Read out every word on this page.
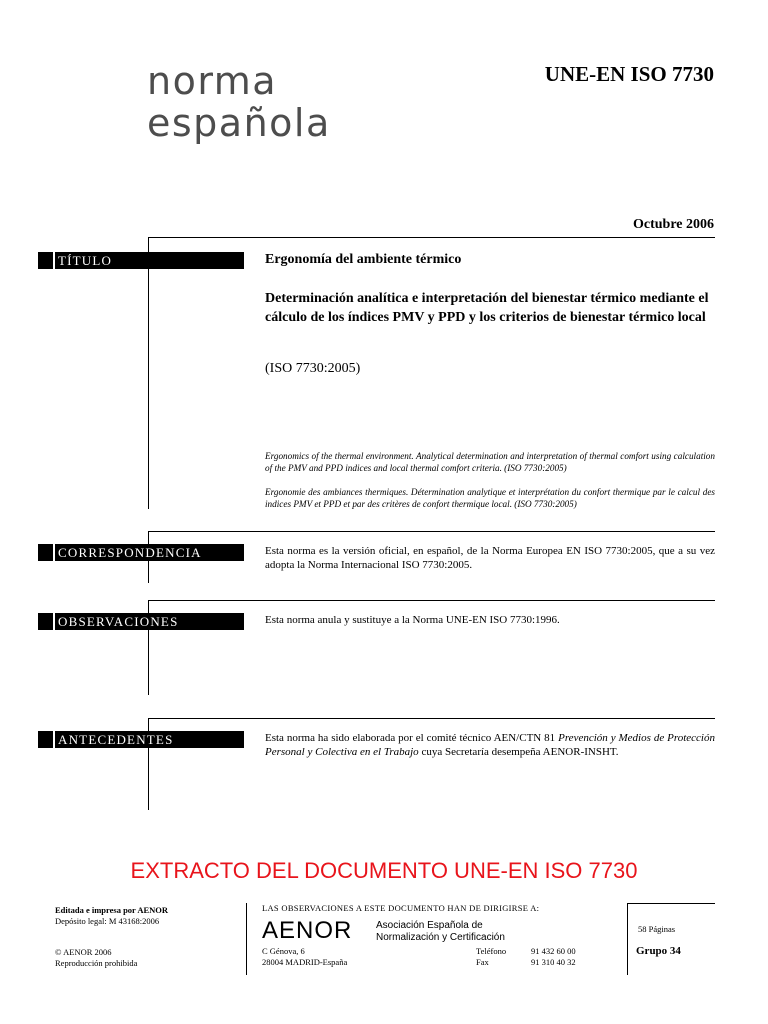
norma
española
UNE-EN ISO 7730
Octubre 2006
TÍTULO
CORRESPONDENCIA
OBSERVACIONES
ANTECEDENTES
Ergonomía del ambiente térmico
Determinación analítica e interpretación del bienestar térmico mediante el cálculo de los índices PMV y PPD y los criterios de bienestar térmico local
(ISO 7730:2005)
Ergonomics of the thermal environment. Analytical determination and interpretation of thermal comfort using calculation of the PMV and PPD indices and local thermal comfort criteria. (ISO 7730:2005)
Ergonomie des ambiances thermiques. Détermination analytique et interprétation du confort thermique par le calcul des indices PMV et PPD et par des critères de confort thermique local. (ISO 7730:2005)
Esta norma es la versión oficial, en español, de la Norma Europea EN ISO 7730:2005, que a su vez adopta la Norma Internacional ISO 7730:2005.
Esta norma anula y sustituye a la Norma UNE-EN ISO 7730:1996.
Esta norma ha sido elaborada por el comité técnico AEN/CTN 81 Prevención y Medios de Protección Personal y Colectiva en el Trabajo cuya Secretaría desempeña AENOR-INSHT.
EXTRACTO DEL DOCUMENTO UNE-EN ISO 7730
Editada e impresa por AENOR
Depósito legal: M 43168:2006
© AENOR 2006
Reproducción prohibida
LAS OBSERVACIONES A ESTE DOCUMENTO HAN DE DIRIGIRSE A:
AENOR Asociación Española de
Normalización y Certificación
C Génova, 6
28004 MADRID-España
Teléfono
Fax
91 432 60 00
91 310 40 32
58 Páginas
Grupo 34
